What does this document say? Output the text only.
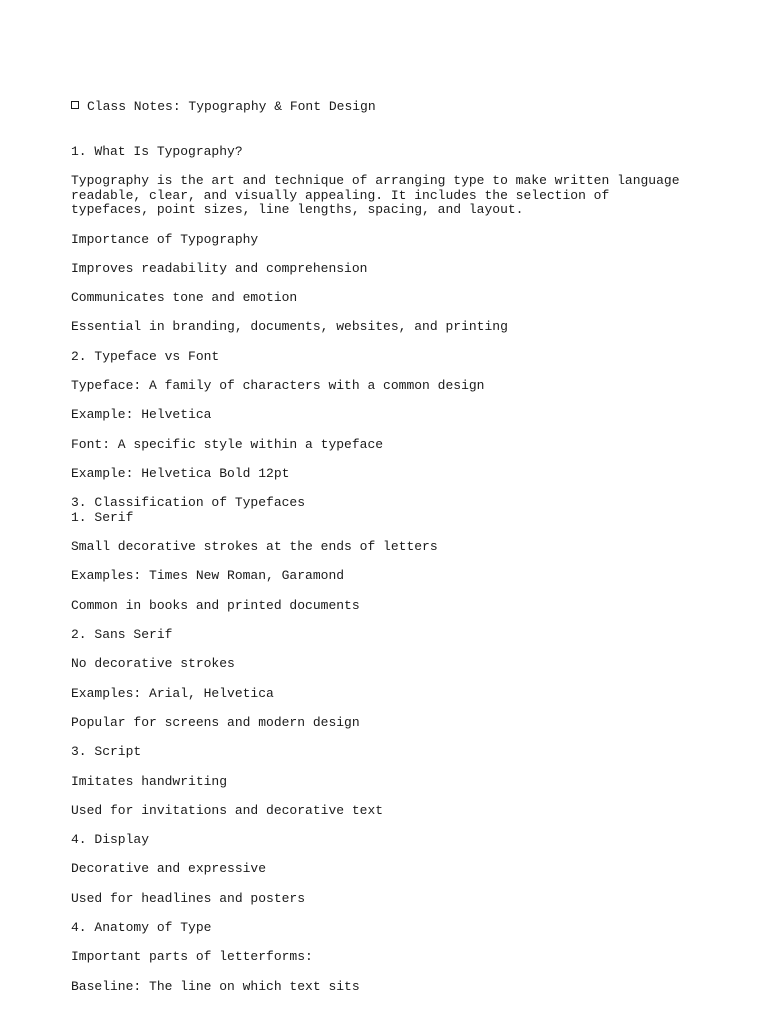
Class Notes: Typography & Font Design

1. What Is Typography?
Typography is the art and technique of arranging type to make written language readable, clear, and visually appealing. It includes the selection of typefaces, point sizes, line lengths, spacing, and layout.
Importance of Typography
Improves readability and comprehension
Communicates tone and emotion
Essential in branding, documents, websites, and printing
2. Typeface vs Font
Typeface: A family of characters with a common design
Example: Helvetica
Font: A specific style within a typeface
Example: Helvetica Bold 12pt
3. Classification of Typefaces
1. Serif
Small decorative strokes at the ends of letters
Examples: Times New Roman, Garamond
Common in books and printed documents
2. Sans Serif
No decorative strokes
Examples: Arial, Helvetica
Popular for screens and modern design
3. Script
Imitates handwriting
Used for invitations and decorative text
4. Display
Decorative and expressive
Used for headlines and posters
4. Anatomy of Type
Important parts of letterforms:
Baseline: The line on which text sits
